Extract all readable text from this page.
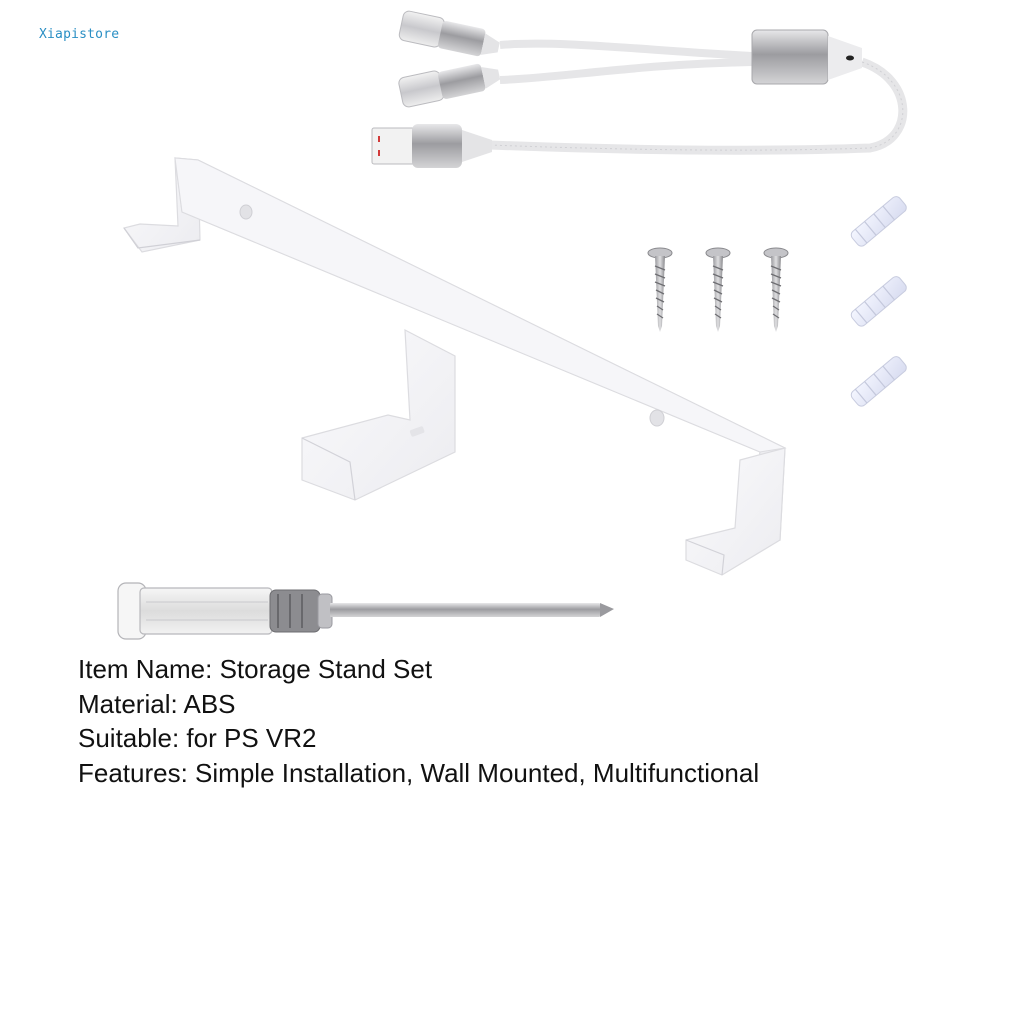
Xiapistore
Item Name: Storage Stand Set
Material: ABS
Suitable: for PS VR2
Features: Simple Installation, Wall Mounted, Multifunctional
